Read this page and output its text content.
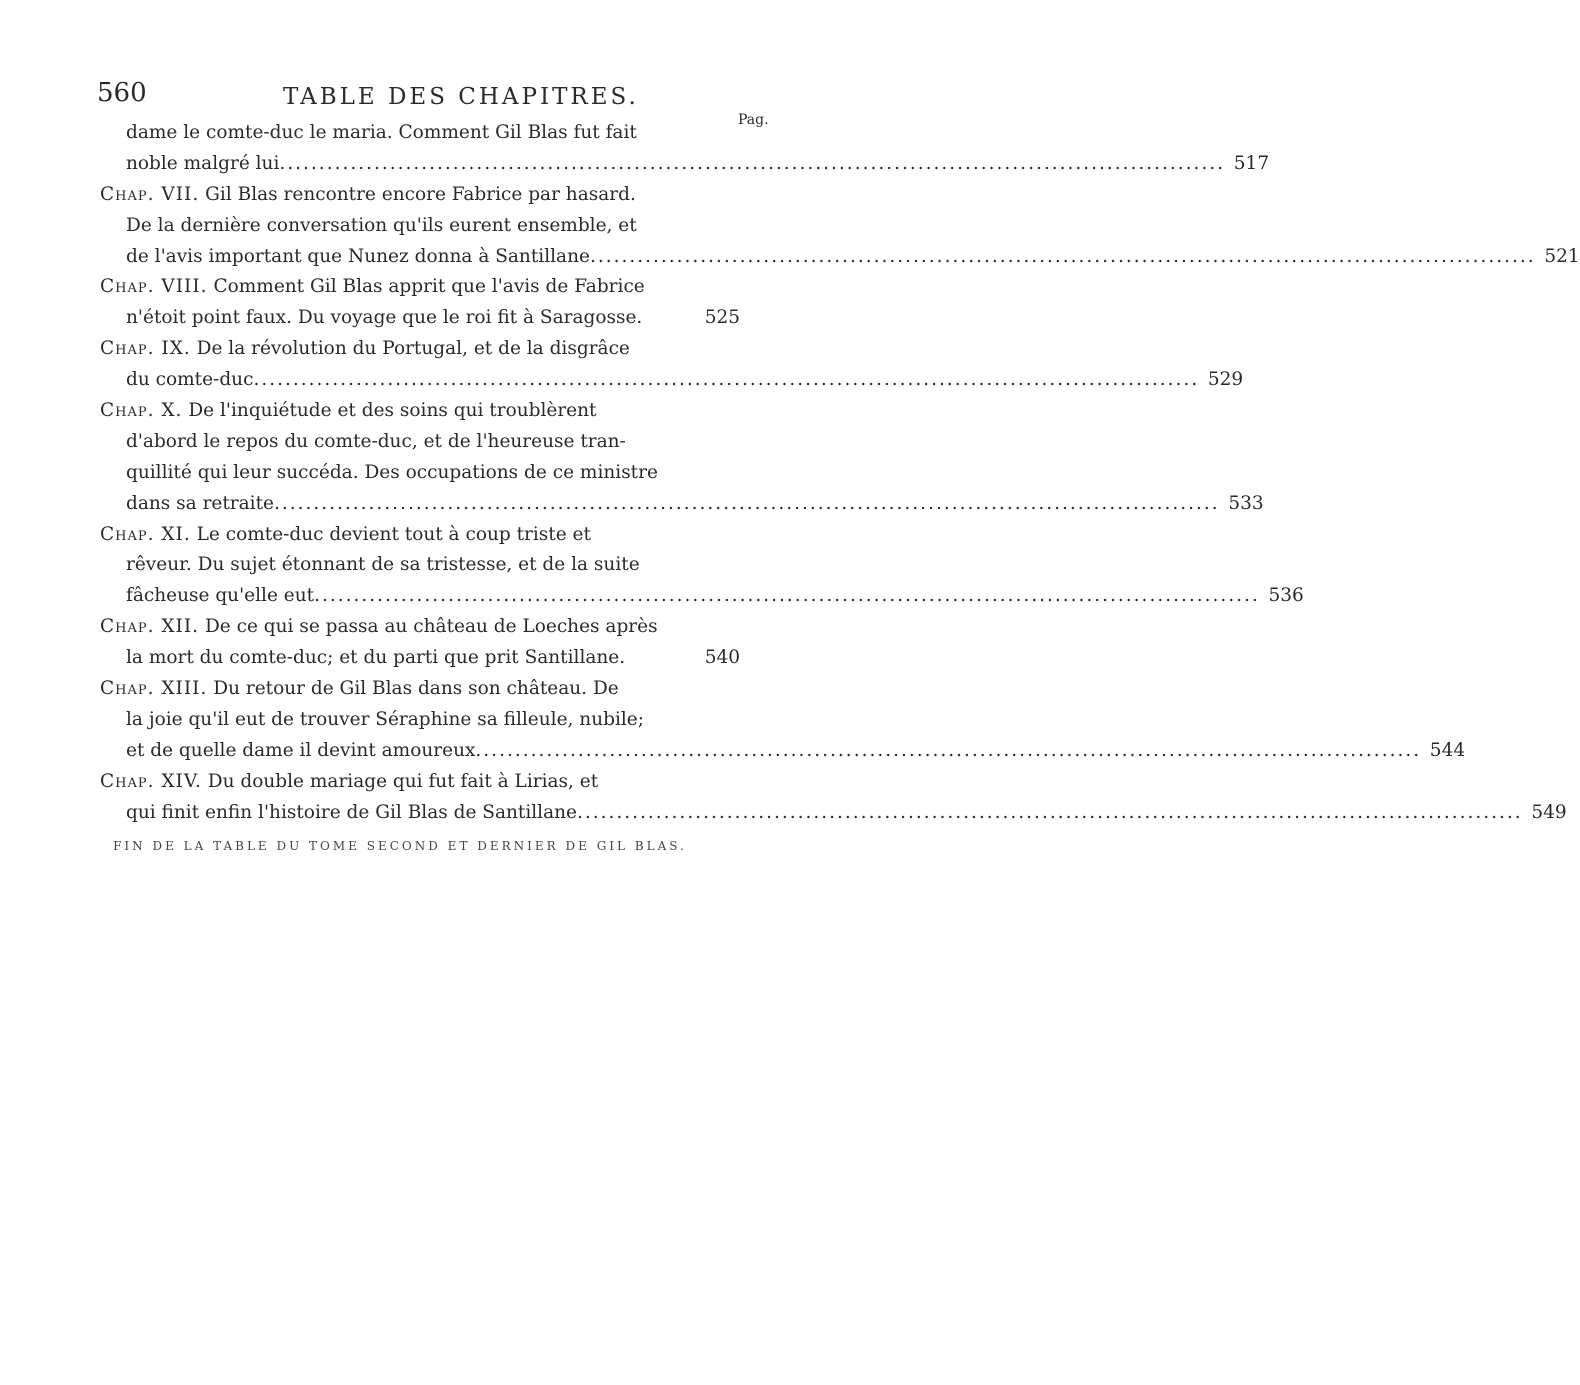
560	TABLE DES CHAPITRES.
Pag.
dame le comte-duc le maria. Comment Gil Blas fut fait
noble malgré lui ........................................................................................................................ 517
Chap. VII. Gil Blas rencontre encore Fabrice par hasard.
De la dernière conversation qu'ils eurent ensemble, et
de l'avis important que Nunez donna à Santillane ........................................................................................................................ 521
Chap. VIII. Comment Gil Blas apprit que l'avis de Fabrice
n'étoit point faux. Du voyage que le roi fit à Saragosse.	525
Chap. IX. De la révolution du Portugal, et de la disgrâce
du comte-duc ........................................................................................................................ 529
Chap. X. De l'inquiétude et des soins qui troublèrent
d'abord le repos du comte-duc, et de l'heureuse tran-
quillité qui leur succéda. Des occupations de ce ministre
dans sa retraite ........................................................................................................................ 533
Chap. XI. Le comte-duc devient tout à coup triste et
rêveur. Du sujet étonnant de sa tristesse, et de la suite
fâcheuse qu'elle eut ........................................................................................................................ 536
Chap. XII. De ce qui se passa au château de Loeches après
la mort du comte-duc; et du parti que prit Santillane.	540
Chap. XIII. Du retour de Gil Blas dans son château. De
la joie qu'il eut de trouver Séraphine sa filleule, nubile;
et de quelle dame il devint amoureux ........................................................................................................................ 544
Chap. XIV. Du double mariage qui fut fait à Lirias, et
qui finit enfin l'histoire de Gil Blas de Santillane ........................................................................................................................ 549
FIN DE LA TABLE DU TOME SECOND ET DERNIER DE GIL BLAS.
